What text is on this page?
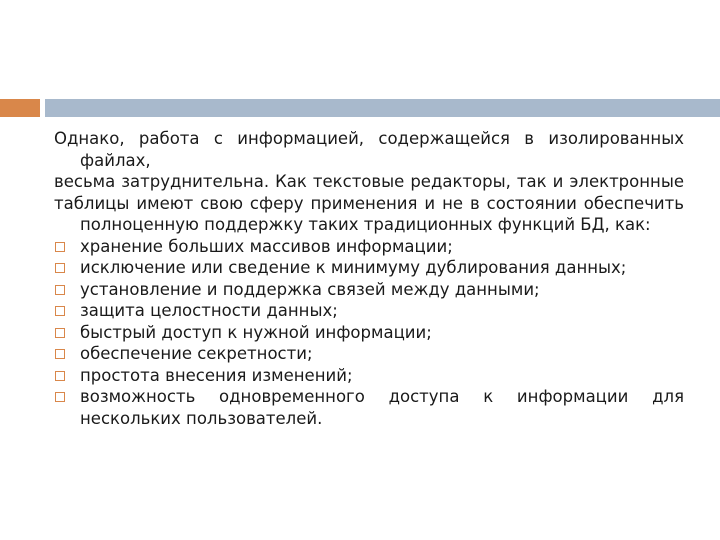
Однако, работа с информацией, содержащейся в изолированных файлах,

весьма затруднительна. Как текстовые редакторы, так и электронные

таблицы имеют свою сферу применения и не в состоянии обеспечить полноценную поддержку таких традиционных функций БД, как:

хранение больших массивов информации;
исключение или сведение к минимуму дублирования данных;
установление и поддержка связей между данными;
защита целостности данных;
быстрый доступ к нужной информации;
обеспечение секретности;
простота внесения изменений;
возможность одновременного доступа к информации для нескольких пользователей.
